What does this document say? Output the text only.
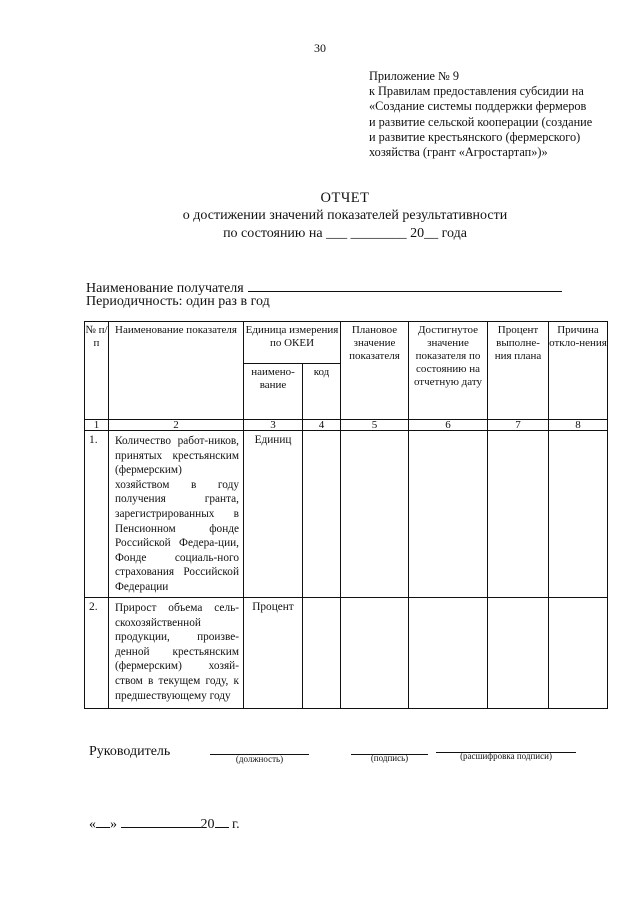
30
Приложение № 9
к Правилам предоставления субсидии на
«Создание системы поддержки фермеров
и развитие сельской кооперации (создание
и развитие крестьянского (фермерского)
хозяйства (грант «Агростартап»)»
ОТЧЕТ
о достижении значений показателей результативности
по состоянию на ___ ________ 20__ года
Наименование получателя
Периодичность: один раз в год
№ п/п	Наименование показателя	Единица измерения по ОКЕИ		Плановое значение показателя	Достигнутое значение показателя по состоянию на отчетную дату	Процент выполне-ния плана	Причина откло-нения
		наимено-вание	код				
1	2	3	4	5	6	7	8
1.	Количество работ-ников, принятых крестьянским (фермерским) хозяйством в году получения гранта, зарегистрированных в Пенсионном фонде Российской Федера-ции, Фонде социаль-ного страхования Российской Федерации	Единиц					
2.	Прирост объема сель-скохозяйственной продукции, произве-денной крестьянским (фермерским) хозяй-ством в текущем году, к предшествующему году	Процент					
Руководитель	(должность)	(подпись)	(расшифровка подписи)
« »	20 г.
